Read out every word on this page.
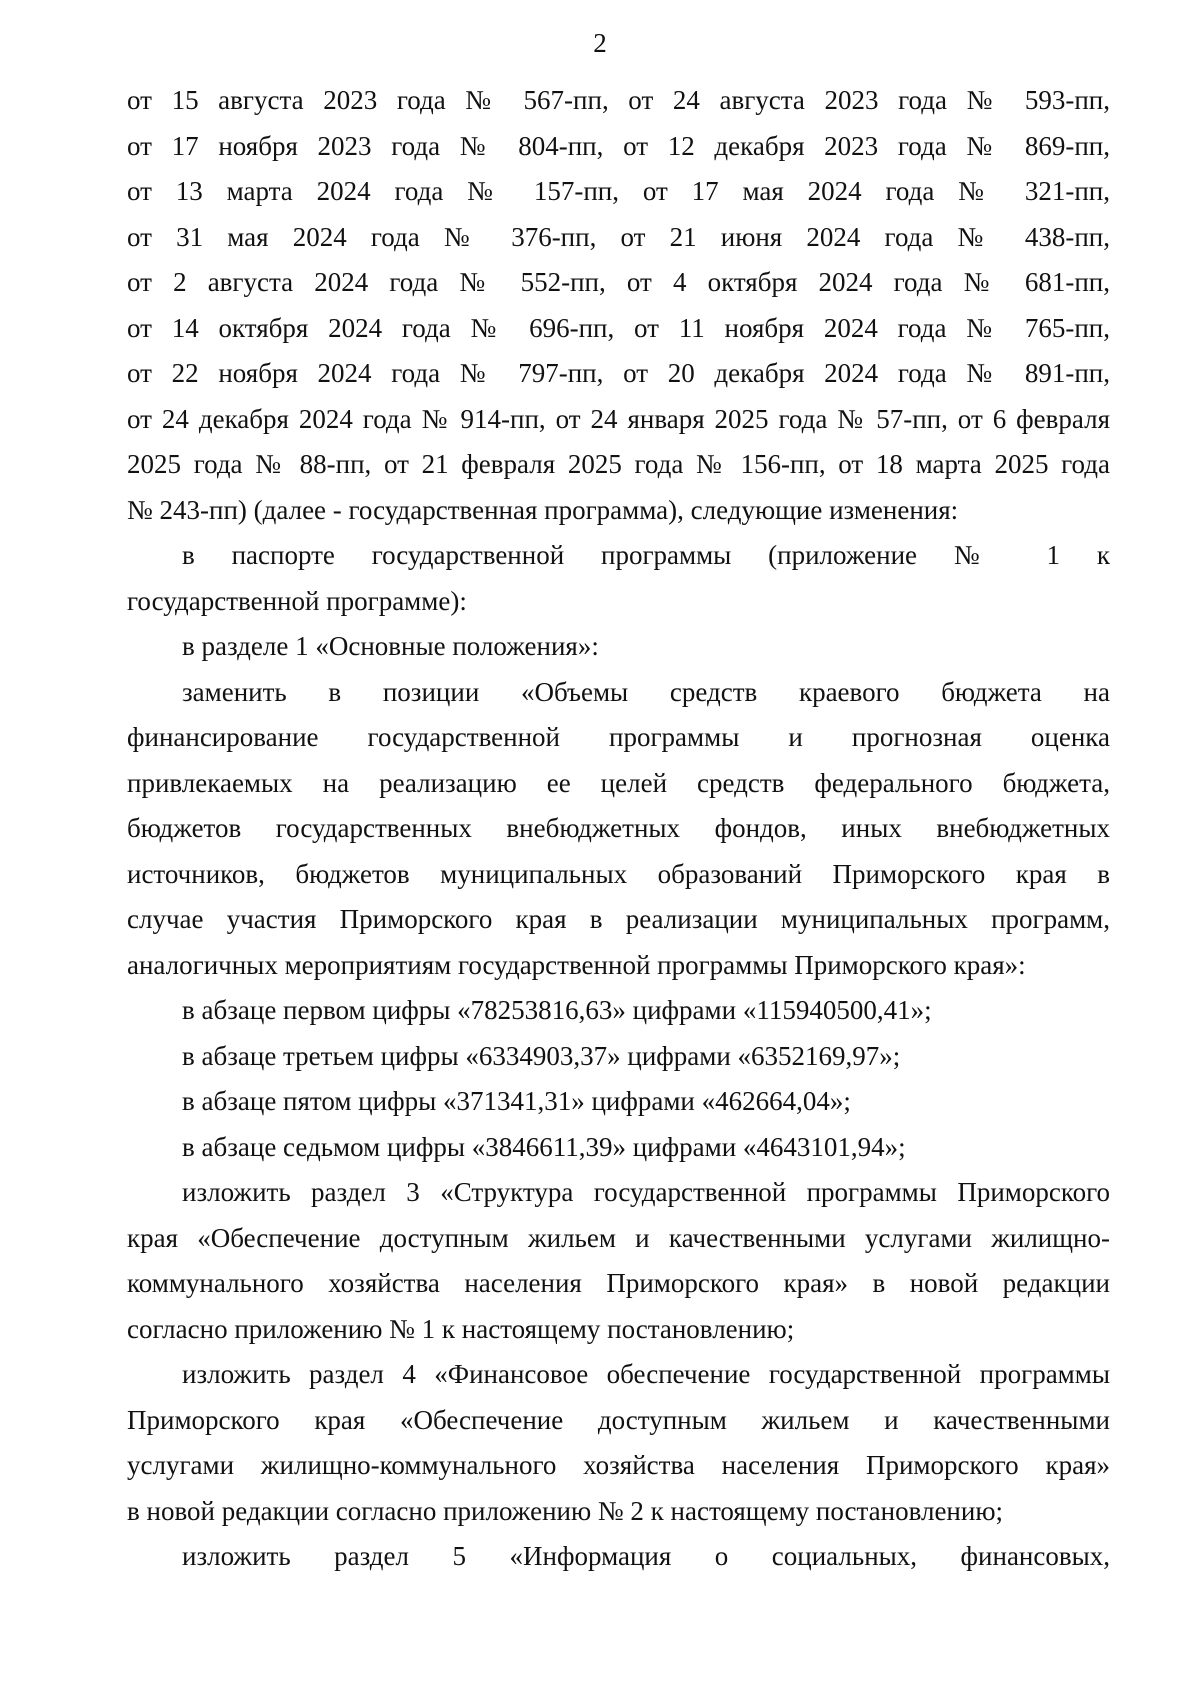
2
от 15 августа 2023 года № 567-пп, от 24 августа 2023 года № 593-пп,
от 17 ноября 2023 года № 804-пп, от 12 декабря 2023 года № 869-пп,
от 13 марта 2024 года № 157-пп, от 17 мая 2024 года № 321-пп,
от 31 мая 2024 года № 376-пп, от 21 июня 2024 года № 438-пп,
от 2 августа 2024 года № 552-пп, от 4 октября 2024 года № 681-пп,
от 14 октября 2024 года № 696-пп, от 11 ноября 2024 года № 765-пп,
от 22 ноября 2024 года № 797-пп, от 20 декабря 2024 года № 891-пп,
от 24 декабря 2024 года № 914-пп, от 24 января 2025 года № 57-пп, от 6 февраля
2025 года № 88-пп, от 21 февраля 2025 года № 156-пп, от 18 марта 2025 года
№ 243-пп) (далее - государственная программа), следующие изменения:
в паспорте государственной программы (приложение № 1 к
государственной программе):
в разделе 1 «Основные положения»:
заменить в позиции «Объемы средств краевого бюджета на
финансирование государственной программы и прогнозная оценка
привлекаемых на реализацию ее целей средств федерального бюджета,
бюджетов государственных внебюджетных фондов, иных внебюджетных
источников, бюджетов муниципальных образований Приморского края в
случае участия Приморского края в реализации муниципальных программ,
аналогичных мероприятиям государственной программы Приморского края»:
в абзаце первом цифры «78253816,63» цифрами «115940500,41»;
в абзаце третьем цифры «6334903,37» цифрами «6352169,97»;
в абзаце пятом цифры «371341,31» цифрами «462664,04»;
в абзаце седьмом цифры «3846611,39» цифрами «4643101,94»;
изложить раздел 3 «Структура государственной программы Приморского
края «Обеспечение доступным жильем и качественными услугами жилищно-
коммунального хозяйства населения Приморского края» в новой редакции
согласно приложению № 1 к настоящему постановлению;
изложить раздел 4 «Финансовое обеспечение государственной программы
Приморского края «Обеспечение доступным жильем и качественными
услугами жилищно-коммунального хозяйства населения Приморского края»
в новой редакции согласно приложению № 2 к настоящему постановлению;
изложить раздел 5 «Информация о социальных, финансовых,
